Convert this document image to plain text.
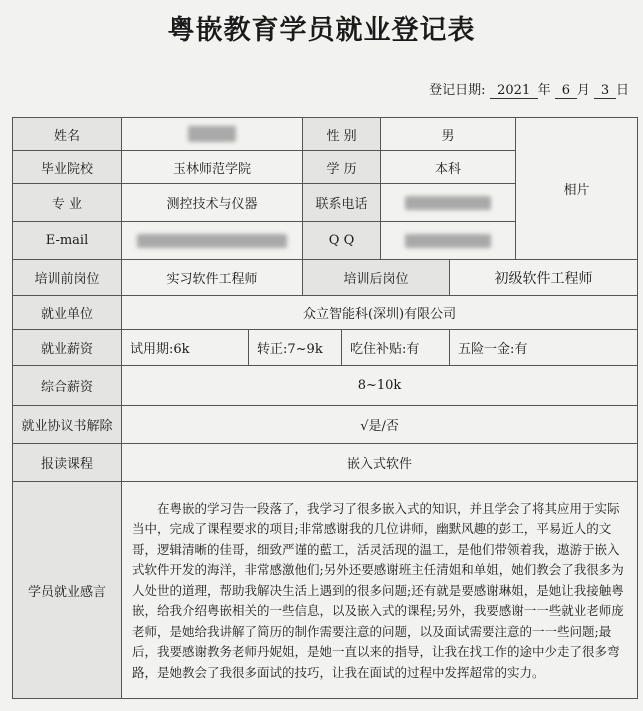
粤嵌教育学员就业登记表
登记日期: 2021 年 6 月 3 日
姓名			性 别		男		相片
毕业院校	玉林师范学院		学 历		本科		
专 业	测控技术与仪器		联系电话				
E-mail			Q Q				
培训前岗位	实习软件工程师		培训后岗位			初级软件工程师	
就业单位	众立智能科(深圳)有限公司						
就业薪资	试用期:6k	转正:7~9k		吃住补贴:有		五险一金:有	
综合薪资	8~10k						
就业协议书解除	√是/否						
报读课程	嵌入式软件						
学员就业感言	在粤嵌的学习告一段落了，我学习了很多嵌入式的知识，并且学会了将其应用于实际当中，完成了课程要求的项目;非常感谢我的几位讲师，幽默风趣的彭工，平易近人的文哥，逻辑清晰的佳哥，细致严谨的藍工，活灵活现的温工，是他们带领着我，遨游于嵌入式软件开发的海洋，非常感激他们;另外还要感谢班主任清姐和单姐，她们教会了我很多为人处世的道理，帮助我解决生活上遇到的很多问题;还有就是要感谢琳姐，是她让我接触粤嵌，给我介绍粤嵌相关的一些信息，以及嵌入式的课程;另外，我要感谢一一些就业老师庞老师，是她给我讲解了简历的制作需要注意的问题，以及面试需要注意的一一些问题;最后，我要感谢教务老师丹妮姐，是她一直以来的指导，让我在找工作的途中少走了很多弯路，是她教会了我很多面试的技巧，让我在面试的过程中发挥超常的实力。						
